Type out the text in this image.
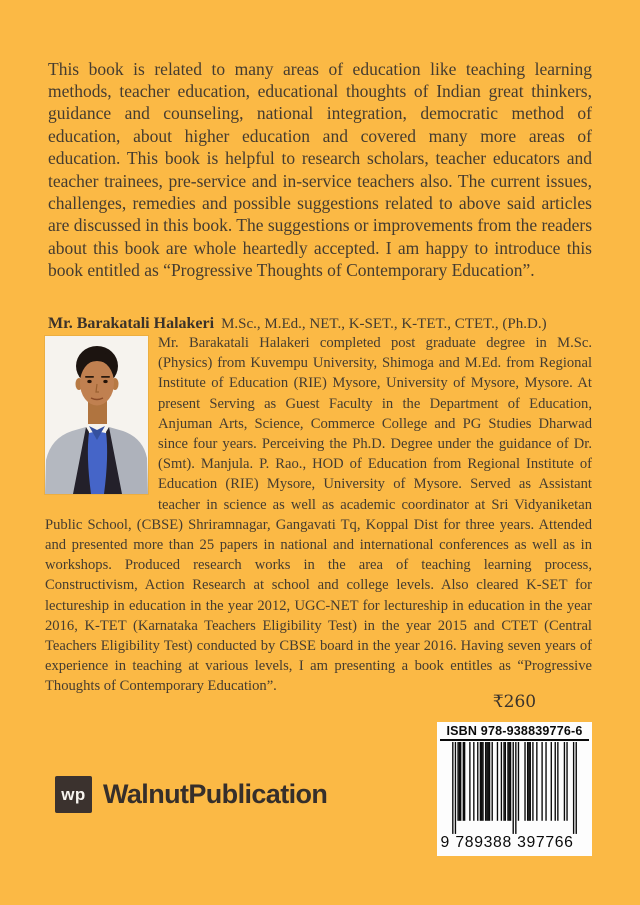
This book is related to many areas of education like teaching learning methods, teacher education, educational thoughts of Indian great thinkers, guidance and counseling, national integration, democratic method of education, about higher education and covered many more areas of education. This book is helpful to research scholars, teacher educators and teacher trainees, pre-service and in-service teachers also. The current issues, challenges, remedies and possible suggestions related to above said articles are discussed in this book. The suggestions or improvements from the readers about this book are whole heartedly accepted. I am happy to introduce this book entitled as “Progressive Thoughts of Contemporary Education”.

Mr. Barakatali Halakeri M.Sc., M.Ed., NET., K-SET., K-TET., CTET., (Ph.D.)

Mr. Barakatali Halakeri completed post graduate degree in M.Sc. (Physics) from Kuvempu University, Shimoga and M.Ed. from Regional Institute of Education (RIE) Mysore, University of Mysore, Mysore. At present Serving as Guest Faculty in the Department of Education, Anjuman Arts, Science, Commerce College and PG Studies Dharwad since four years. Perceiving the Ph.D. Degree under the guidance of Dr. (Smt). Manjula. P. Rao., HOD of Education from Regional Institute of Education (RIE) Mysore, University of Mysore. Served as Assistant teacher in science as well as academic coordinator at Sri Vidyaniketan Public School, (CBSE) Shriramnagar, Gangavati Tq, Koppal Dist for three years. Attended and presented more than 25 papers in national and international conferences as well as in workshops. Produced research works in the area of teaching learning process, Constructivism, Action Research at school and college levels. Also cleared K-SET for lectureship in education in the year 2012, UGC-NET for lectureship in education in the year 2016, K-TET (Karnataka Teachers Eligibility Test) in the year 2015 and CTET (Central Teachers Eligibility Test) conducted by CBSE board in the year 2016. Having seven years of experience in teaching at various levels, I am presenting a book entitles as “Progressive Thoughts of Contemporary Education”.
₹260
ISBN 978-938839776-6
9 789388 397766
wp WalnutPublication
